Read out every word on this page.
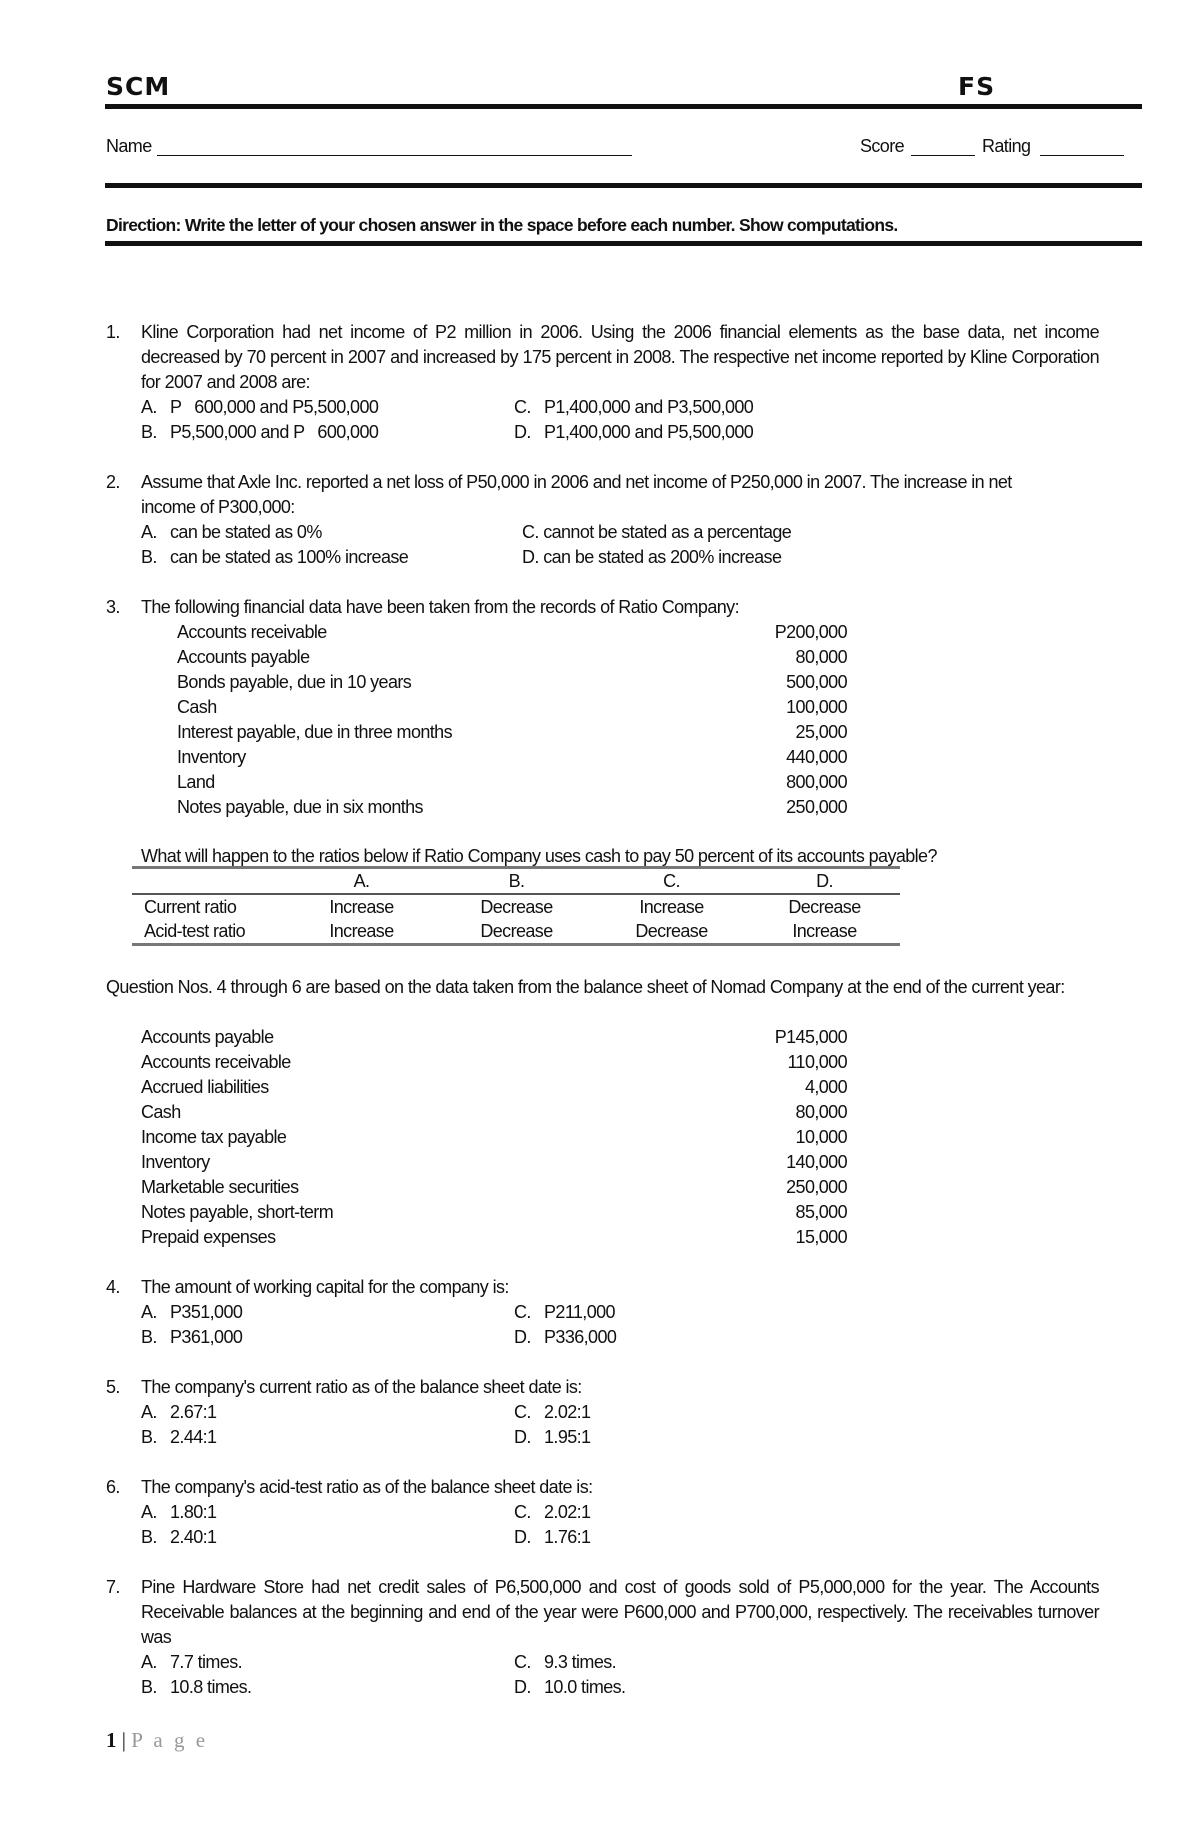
SCM	FS
Name	Score	Rating
Direction: Write the letter of your chosen answer in the space before each number. Show computations.
1. Kline Corporation had net income of P2 million in 2006. Using the 2006 financial elements as the base data, net income decreased by 70 percent in 2007 and increased by 175 percent in 2008. The respective net income reported by Kline Corporation for 2007 and 2008 are:
A.   P   600,000 and P5,500,000
B.   P5,500,000 and P   600,000
C.   P1,400,000 and P3,500,000
D.   P1,400,000 and P5,500,000
2. Assume that Axle Inc. reported a net loss of P50,000 in 2006 and net income of P250,000 in 2007. The increase in net
income of P300,000:
A.   can be stated as 0%
B.   can be stated as 100% increase
C. cannot be stated as a percentage
D. can be stated as 200% increase
3. The following financial data have been taken from the records of Ratio Company:
Accounts receivable	P200,000
Accounts payable	80,000
Bonds payable, due in 10 years	500,000
Cash	100,000
Interest payable, due in three months	25,000
Inventory	440,000
Land	800,000
Notes payable, due in six months	250,000
What will happen to the ratios below if Ratio Company uses cash to pay 50 percent of its accounts payable?
	A.	B.	C.	D.
Current ratio	Increase	Decrease	Increase	Decrease
Acid-test ratio	Increase	Decrease	Decrease	Increase
Question Nos. 4 through 6 are based on the data taken from the balance sheet of Nomad Company at the end of the current year:
Accounts payable	P145,000
Accounts receivable	110,000
Accrued liabilities	4,000
Cash	80,000
Income tax payable	10,000
Inventory	140,000
Marketable securities	250,000
Notes payable, short-term	85,000
Prepaid expenses	15,000
4. The amount of working capital for the company is:
A.   P351,000
B.   P361,000
C.   P211,000
D.   P336,000
5. The company's current ratio as of the balance sheet date is:
A.   2.67:1
B.   2.44:1
C.   2.02:1
D.   1.95:1
6. The company's acid-test ratio as of the balance sheet date is:
A.   1.80:1
B.   2.40:1
C.   2.02:1
D.   1.76:1
7. Pine Hardware Store had net credit sales of P6,500,000 and cost of goods sold of P5,000,000 for the year. The Accounts Receivable balances at the beginning and end of the year were P600,000 and P700,000, respectively. The receivables turnover was
A.   7.7 times.
B.   10.8 times.
C.   9.3 times.
D.   10.0 times.
1 | P a g e
